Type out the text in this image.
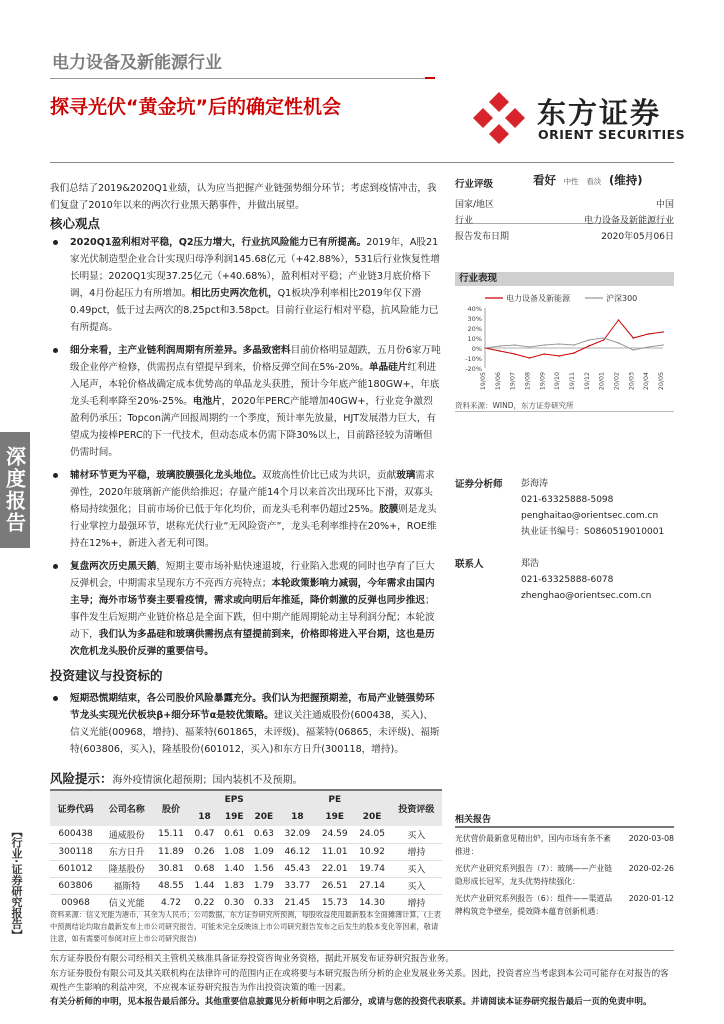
电力设备及新能源行业
探寻光伏“黄金坑”后的确定性机会	东方证券
ORIENT SECURITIES
我们总结了2019&2020Q1业绩，认为应当把握产业链强势细分环节；考虑到疫情冲击，我们复盘了2010年以来的两次行业黑天鹅事件，并做出展望。
核心观点
2020Q1盈利相对平稳，Q2压力增大，行业抗风险能力已有所提高。2019年，A股21家光伏制造型企业合计实现归母净利润145.68亿元（+42.88%），531后行业恢复性增长明显；2020Q1实现37.25亿元（+40.68%），盈利相对平稳；产业链3月底价格下调，4月份起压力有所增加。相比历史两次危机，Q1板块净利率相比2019年仅下滑0.49pct，低于过去两次的8.25pct和3.58pct。目前行业运行相对平稳，抗风险能力已有所提高。
细分来看，主产业链利润周期有所差异。多晶致密料目前价格明显超跌，五月份6家万吨级企业停产检修，供需拐点有望提早到来，价格反弹空间在5%-20%。单晶硅片红利进入尾声，本轮价格战确定成本优势高的单晶龙头获胜，预计今年底产能180GW+，年底龙头毛利率降至20%-25%。电池片，2020年PERC产能增加40GW+，行业竞争激烈盈利仍承压；Topcon满产回报周期约一个季度，预计率先放量，HJT发展潜力巨大，有望成为接棒PERC的下一代技术，但动态成本仍需下降30%以上，目前路径较为清晰但仍需时间。
辅材环节更为平稳，玻璃胶膜强化龙头地位。双玻高性价比已成为共识，贡献玻璃需求弹性，2020年玻璃新产能供给推迟；存量产能14个月以来首次出现环比下滑，双寡头格局持续强化；目前市场价已低于年化均价，而龙头毛利率仍超过25%。胶膜则是龙头行业掌控力最强环节，堪称光伏行业“无风险资产”，龙头毛利率维持在20%+，ROE维持在12%+，新进入者无利可图。
复盘两次历史黑天鹅，短期主要市场补贴快速退坡，行业陷入悲观的同时也孕育了巨大反弹机会，中期需求呈现东方不亮西方亮特点；本轮政策影响力减弱，今年需求由国内主导；海外市场节奏主要看疫情，需求或向明后年推延，降价刺激的反弹也同步推迟；事件发生后短期产业链价格总是全面下跌，但中期产能周期轮动主导利润分配；本轮波动下，我们认为多晶硅和玻璃供需拐点有望提前到来，价格即将进入平台期，这也是历次危机龙头股价反弹的重要信号。
投资建议与投资标的
短期恐慌期结束，各公司股价风险暴露充分。我们认为把握预期差，布局产业链强势环节龙头实现光伏板块β+细分环节α是较优策略。建议关注通威股份(600438，买入)、信义光能(00968，增持)、福莱特(601865，未评级)、福莱特(06865，未评级)、福斯特(603806，买入)，隆基股份(601012，买入)和东方日升(300118，增持)。
风险提示：海外疫情演化超预期；国内装机不及预期。
证券代码	公司名称	股价	EPS			PE			投资评级
			18	19E	20E	18	19E	20E	
600438	通威股份	15.11	0.47	0.61	0.63	32.09	24.59	24.05	买入
300118	东方日升	11.89	0.26	1.08	1.09	46.12	11.01	10.92	增持
601012	隆基股份	30.81	0.68	1.40	1.56	45.43	22.01	19.74	买入
603806	福斯特	48.55	1.44	1.83	1.79	33.77	26.51	27.14	买入
00968	信义光能	4.72	0.22	0.30	0.33	21.45	15.73	14.30	增持
资料来源：信义光能为港币，其余为人民币；公司数据，东方证券研究所预测，每股收益使用最新股本全面摊薄计算，(上表中预测结论均取自最新发布上市公司研究报告，可能未完全反映该上市公司研究报告发布之后发生的股本变化等因素，敬请注意，如有需要可参阅对应上市公司研究报告)
深度报告
【行业·证券研究报告】
行业评级	看好 中性 看淡 (维持)
国家/地区	中国
行业	电力设备及新能源行业
报告发布日期	2020年05月06日
行业表现
电力设备及新能源	沪深300
40%
30%
20%
10%
0%
-10%
-20%
19/05 19/06 19/07 19/08 19/09 19/10 19/11 19/12 20/01 20/02 20/03 20/04 20/05
资料来源：WIND，东方证券研究所
证券分析师 彭海涛
021-63325888-5098
penghaitao@orientsec.com.cn
执业证书编号：S0860519010001
联系人	郑浩
021-63325888-6078
zhenghao@orientsec.com.cn
相关报告
光伏营价最新意见精出炉，国内市场有条不紊推进：
2020-03-08
光伏产业研究系列报告（7）：玻璃——产业链隐形成长冠军，龙头优势持续强化：
2020-02-26
光伏产业研究系列报告（6）：组件——渠道品牌构筑竞争壁垒，提效降本蕴育创新机遇：
2020-01-12
东方证券股份有限公司经相关主管机关核准具备证券投资咨询业务资格，据此开展发布证券研究报告业务。
东方证券股份有限公司及其关联机构在法律许可的范围内正在或将要与本研究报告所分析的企业发展业务关系。因此，投资者应当考虑到本公司可能存在对报告的客观性产生影响的利益冲突，不应视本证券研究报告为作出投资决策的唯一因素。
有关分析师的申明，见本报告最后部分。其他重要信息披露见分析师申明之后部分，或请与您的投资代表联系。并请阅读本证券研究报告最后一页的免责申明。
